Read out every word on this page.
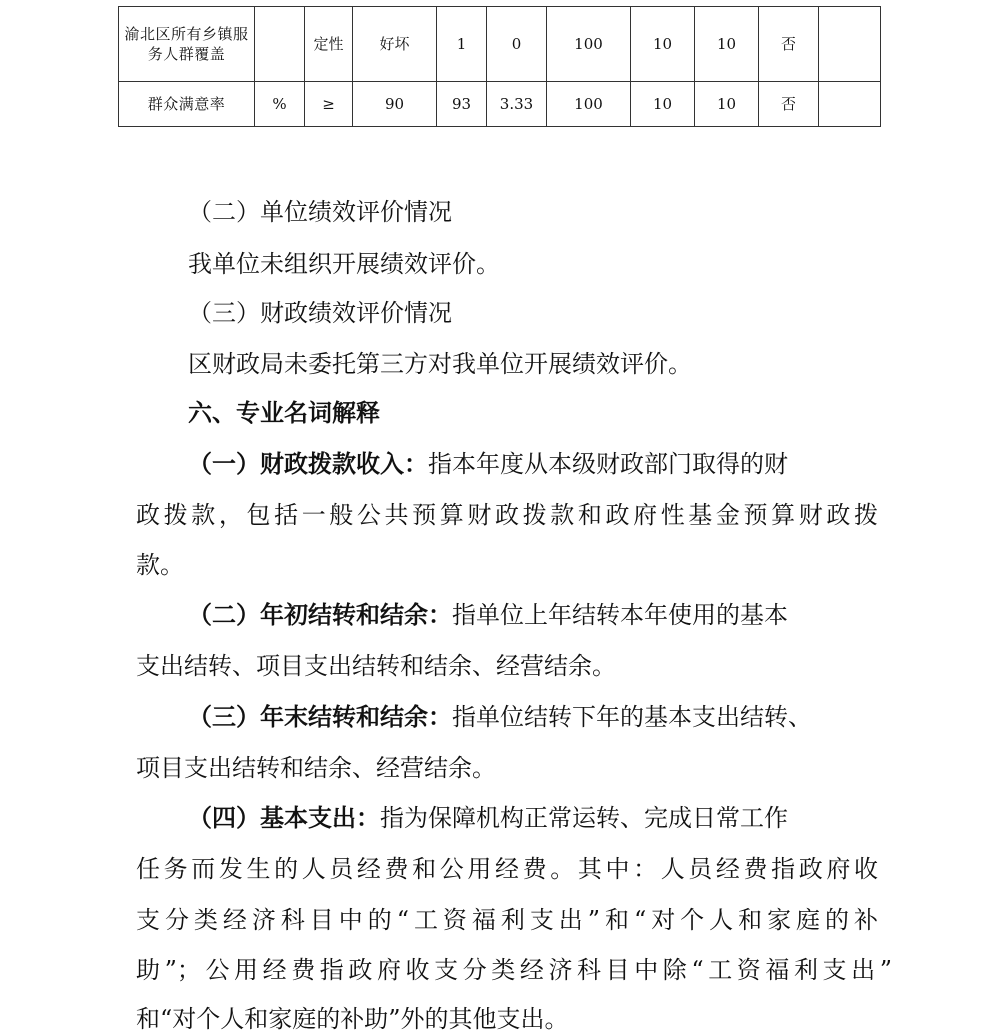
渝北区所有乡镇服务人群覆盖		定性	好坏	1	0	100	10	10	否	
群众满意率	%	≥	90	93	3.33	100	10	10	否	
（二）单位绩效评价情况
我单位未组织开展绩效评价。
（三）财政绩效评价情况
区财政局未委托第三方对我单位开展绩效评价。
六、专业名词解释
（一）财政拨款收入：指本年度从本级财政部门取得的财
政拨款，包括一般公共预算财政拨款和政府性基金预算财政拨
款。
（二）年初结转和结余：指单位上年结转本年使用的基本
支出结转、项目支出结转和结余、经营结余。
（三）年末结转和结余：指单位结转下年的基本支出结转、
项目支出结转和结余、经营结余。
（四）基本支出：指为保障机构正常运转、完成日常工作
任务而发生的人员经费和公用经费。其中：人员经费指政府收
支分类经济科目中的“工资福利支出”和“对个人和家庭的补
助”；公用经费指政府收支分类经济科目中除“工资福利支出”
和“对个人和家庭的补助”外的其他支出。
